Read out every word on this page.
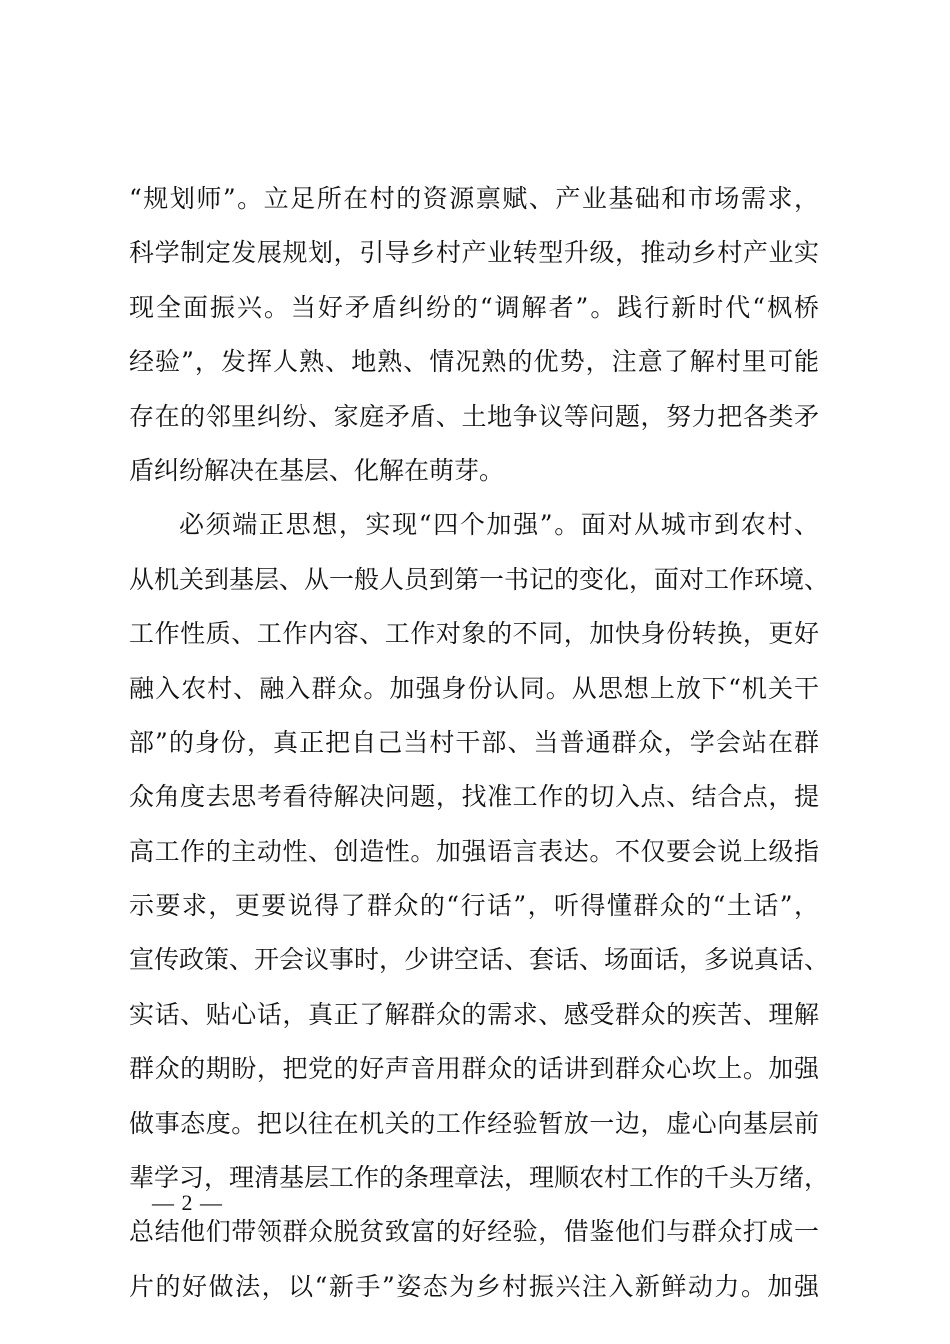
“规划师”。立足所在村的资源禀赋、产业基础和市场需求，
科学制定发展规划，引导乡村产业转型升级，推动乡村产业实
现全面振兴。当好矛盾纠纷的“调解者”。践行新时代“枫桥
经验”，发挥人熟、地熟、情况熟的优势，注意了解村里可能
存在的邻里纠纷、家庭矛盾、土地争议等问题，努力把各类矛
盾纠纷解决在基层、化解在萌芽。
必须端正思想，实现“四个加强”。面对从城市到农村、
从机关到基层、从一般人员到第一书记的变化，面对工作环境、
工作性质、工作内容、工作对象的不同，加快身份转换，更好
融入农村、融入群众。加强身份认同。从思想上放下“机关干
部”的身份，真正把自己当村干部、当普通群众，学会站在群
众角度去思考看待解决问题，找准工作的切入点、结合点，提
高工作的主动性、创造性。加强语言表达。不仅要会说上级指
示要求，更要说得了群众的“行话”，听得懂群众的“土话”，
宣传政策、开会议事时，少讲空话、套话、场面话，多说真话、
实话、贴心话，真正了解群众的需求、感受群众的疾苦、理解
群众的期盼，把党的好声音用群众的话讲到群众心坎上。加强
做事态度。把以往在机关的工作经验暂放一边，虚心向基层前
辈学习，理清基层工作的条理章法，理顺农村工作的千头万绪，
总结他们带领群众脱贫致富的好经验，借鉴他们与群众打成一
片的好做法，以“新手”姿态为乡村振兴注入新鲜动力。加强
— 2 —
